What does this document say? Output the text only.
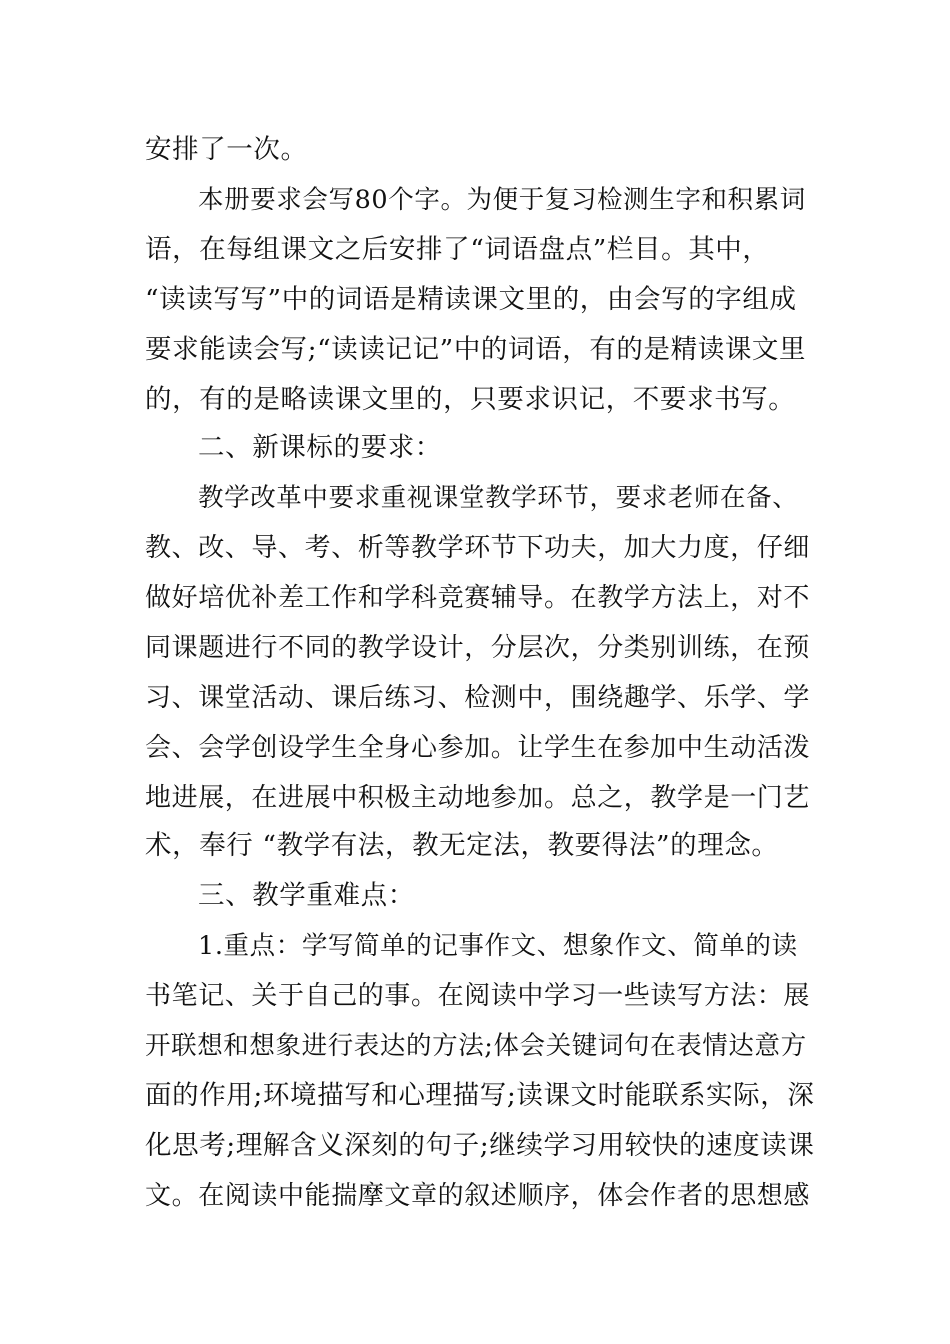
安排了一次。
本册要求会写80个字。为便于复习检测生字和积累词
语，在每组课文之后安排了“词语盘点”栏目。其中，
“读读写写”中的词语是精读课文里的，由会写的字组成
要求能读会写;“读读记记”中的词语，有的是精读课文里
的，有的是略读课文里的，只要求识记，不要求书写。
二、新课标的要求：
教学改革中要求重视课堂教学环节，要求老师在备、
教、改、导、考、析等教学环节下功夫，加大力度，仔细
做好培优补差工作和学科竞赛辅导。在教学方法上，对不
同课题进行不同的教学设计，分层次，分类别训练，在预
习、课堂活动、课后练习、检测中，围绕趣学、乐学、学
会、会学创设学生全身心参加。让学生在参加中生动活泼
地进展，在进展中积极主动地参加。总之，教学是一门艺
术，奉行 “教学有法，教无定法，教要得法”的理念。
三、教学重难点：
1.重点：学写简单的记事作文、想象作文、简单的读
书笔记、关于自己的事。在阅读中学习一些读写方法：展
开联想和想象进行表达的方法;体会关键词句在表情达意方
面的作用;环境描写和心理描写;读课文时能联系实际，深
化思考;理解含义深刻的句子;继续学习用较快的速度读课
文。在阅读中能揣摩文章的叙述顺序，体会作者的思想感
